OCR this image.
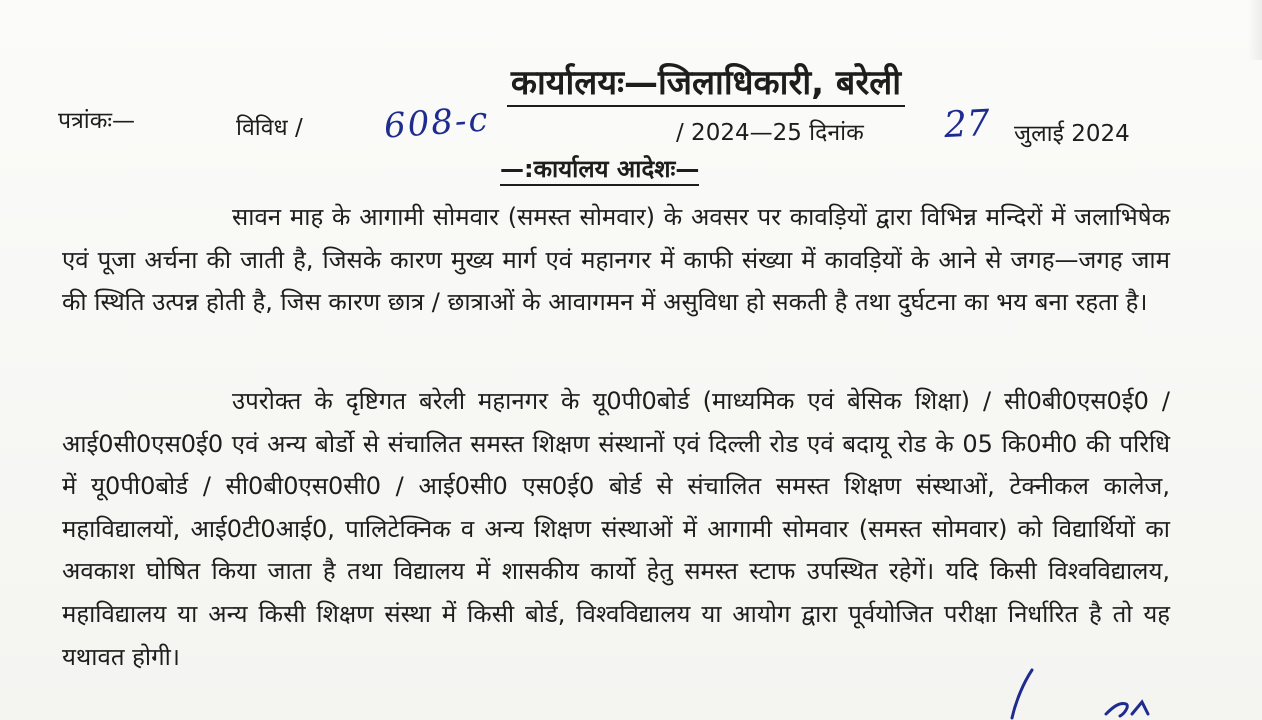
कार्यालयः—जिलाधिकारी, बरेली
पत्रांकः—	विविध / 608-c	/ 2024—25 दिनांक 27 जुलाई 2024
—:कार्यालय आदेशः—
सावन माह के आगामी सोमवार (समस्त सोमवार) के अवसर पर कावड़ियों द्वारा विभिन्न मन्दिरों में जलाभिषेक एवं पूजा अर्चना की जाती है, जिसके कारण मुख्य मार्ग एवं महानगर में काफी संख्या में कावड़ियों के आने से जगह—जगह जाम की स्थिति उत्पन्न होती है, जिस कारण छात्र / छात्राओं के आवागमन में असुविधा हो सकती है तथा दुर्घटना का भय बना रहता है।
उपरोक्त के दृष्टिगत बरेली महानगर के यू0पी0बोर्ड (माध्यमिक एवं बेसिक शिक्षा) / सी0बी0एस0ई0 / आई0सी0एस0ई0 एवं अन्य बोर्डो से संचालित समस्त शिक्षण संस्थानों एवं दिल्ली रोड एवं बदायू रोड के 05 कि0मी0 की परिधि में यू0पी0बोर्ड / सी0बी0एस0सी0 / आई0सी0 एस0ई0 बोर्ड से संचालित समस्त शिक्षण संस्थाओं, टेक्नीकल कालेज, महाविद्यालयों, आई0टी0आई0, पालिटेक्निक व अन्य शिक्षण संस्थाओं में आगामी सोमवार (समस्त सोमवार) को विद्यार्थियों का अवकाश घोषित किया जाता है तथा विद्यालय में शासकीय कार्यो हेतु समस्त स्टाफ उपस्थित रहेगें। यदि किसी विश्वविद्यालय, महाविद्यालय या अन्य किसी शिक्षण संस्था में किसी बोर्ड, विश्वविद्यालय या आयोग द्वारा पूर्वयोजित परीक्षा निर्धारित है तो यह यथावत होगी।
